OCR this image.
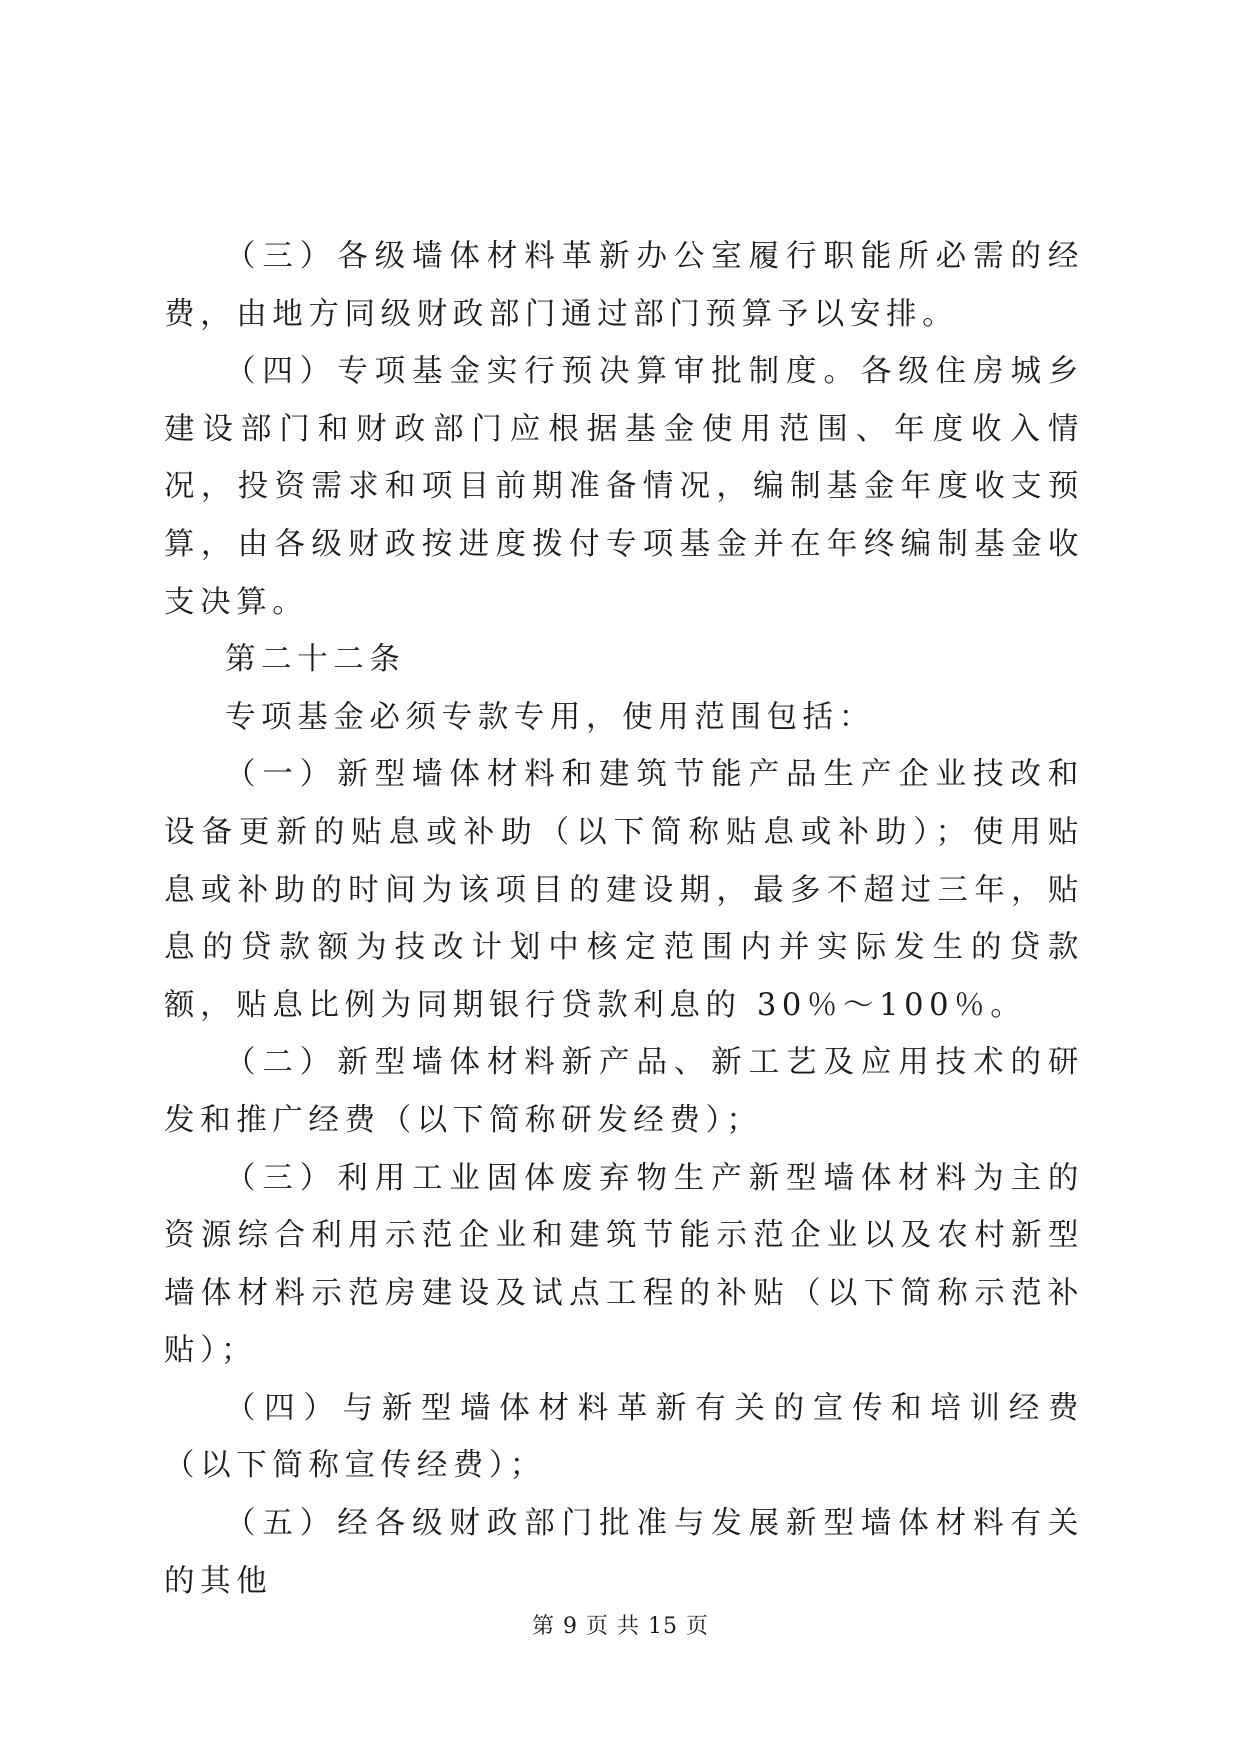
（三）各级墙体材料革新办公室履行职能所必需的经费，由地方同级财政部门通过部门预算予以安排。

（四）专项基金实行预决算审批制度。各级住房城乡建设部门和财政部门应根据基金使用范围、年度收入情况，投资需求和项目前期准备情况，编制基金年度收支预算，由各级财政按进度拨付专项基金并在年终编制基金收支决算。

第二十二条

专项基金必须专款专用，使用范围包括：

（一）新型墙体材料和建筑节能产品生产企业技改和设备更新的贴息或补助（以下简称贴息或补助）；使用贴息或补助的时间为该项目的建设期，最多不超过三年，贴息的贷款额为技改计划中核定范围内并实际发生的贷款额，贴息比例为同期银行贷款利息的 30％～100％。

（二）新型墙体材料新产品、新工艺及应用技术的研发和推广经费（以下简称研发经费）；

（三）利用工业固体废弃物生产新型墙体材料为主的资源综合利用示范企业和建筑节能示范企业以及农村新型墙体材料示范房建设及试点工程的补贴（以下简称示范补贴）；

（四）与新型墙体材料革新有关的宣传和培训经费（以下简称宣传经费）；

（五）经各级财政部门批准与发展新型墙体材料有关的其他

第 9 页 共 15 页
